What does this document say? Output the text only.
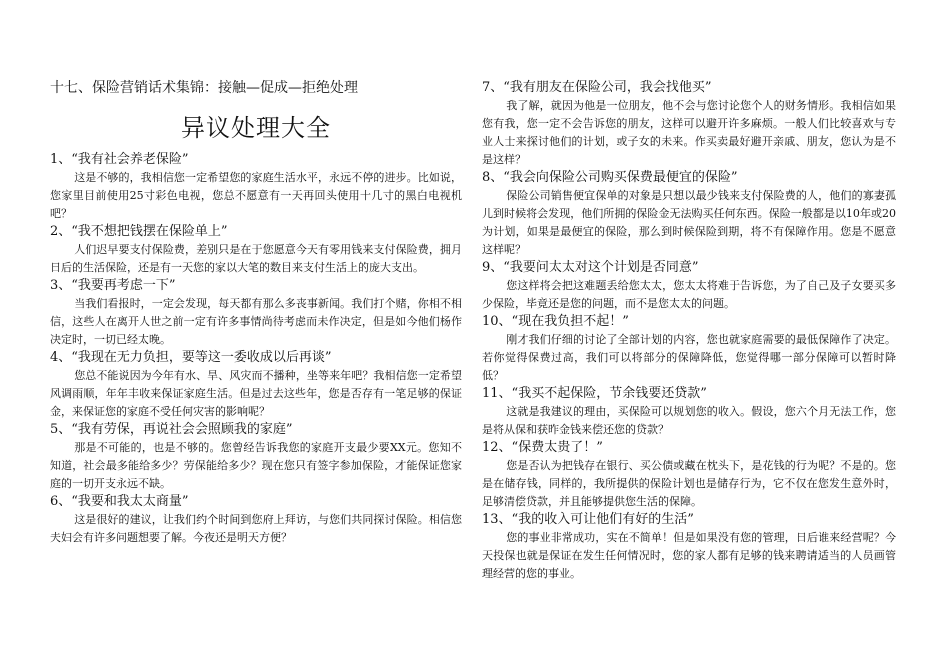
十七、保险营销话术集锦：接触—促成—拒绝处理
异议处理大全
1、“我有社会养老保险”
这是不够的，我相信您一定希望您的家庭生活水平，永远不停的进步。比如说，您家里目前使用25寸彩色电视，您总不愿意有一天再回头使用十几寸的黑白电视机吧？
2、“我不想把钱摆在保险单上”
人们迟早要支付保险费，差别只是在于您愿意今天有零用钱来支付保险费，拥月日后的生活保险，还是有一天您的家以大笔的数目来支付生活上的庞大支出。
3、“我要再考虑一下”
当我们看报时，一定会发现，每天都有那么多丧事新闻。我们打个赌，你相不相信，这些人在离开人世之前一定有许多事情尚待考虑而未作决定，但是如今他们杨作决定时，一切已经太晚。
4、“我现在无力负担，要等这一委收成以后再谈”
您总不能说因为今年有水、旱、风灾而不播种，坐等来年吧？我相信您一定希望风调雨顺，年年丰收来保证家庭生活。但是过去这些年，您是否存有一笔足够的保证金，来保证您的家庭不受任何灾害的影响呢？
5、“我有劳保，再说社会会照顾我的家庭”
那是不可能的，也是不够的。您曾经告诉我您的家庭开支最少要XX元。您知不知道，社会最多能给多少？劳保能给多少？现在您只有签字参加保险，才能保证您家庭的一切开支永远不缺。
6、“我要和我太太商量”
这是很好的建议，让我们约个时间到您府上拜访，与您们共同探讨保险。相信您夫妇会有许多问题想要了解。今夜还是明天方便？
7、“我有朋友在保险公司，我会找他买”
我了解，就因为他是一位朋友，他不会与您讨论您个人的财务情形。我相信如果您有我，您一定不会告诉您的朋友，这样可以避开许多麻烦。一般人们比较喜欢与专业人士来探讨他们的计划，或子女的未来。作买卖最好避开亲戚、朋友，您认为是不是这样？
8、“我会向保险公司购买保费最便宜的保险”
保险公司销售便宜保单的对象是只想以最少钱来支付保险费的人，他们的寡妻孤儿到时候将会发现，他们所拥的保险金无法购买任何东西。保险一般都是以10年或20为计划，如果是最便宜的保险，那么到时候保险到期，将不有保障作用。您是不愿意这样呢？
9、“我要问太太对这个计划是否同意”
您这样将会把这难题丢给您太太，您太太将难于告诉您，为了自己及子女要买多少保险，毕竟还是您的问题，而不是您太太的问题。
10、“现在我负担不起！”
刚才我们仔细的讨论了全部计划的内容，您也就家庭需要的最低保障作了决定。若你觉得保费过高，我们可以将部分的保障降低，您觉得哪一部分保障可以暂时降低？
11、“我买不起保险，节余钱要还贷款”
这就是我建议的理由，买保险可以规划您的收入。假设，您六个月无法工作，您是将从保和获昨金钱来偿还您的贷款？
12、“保费太贵了！”
您是否认为把钱存在银行、买公债或藏在枕头下，是花钱的行为呢？不是的。您是在储存钱，同样的，我所提供的保险计划也是储存行为，它不仅在您发生意外时，足够清偿贷款，并且能够提供您生活的保障。
13、“我的收入可让他们有好的生活”
您的事业非常成功，实在不简单！但是如果没有您的管理，日后谁来经营呢？今天投保也就是保证在发生任何情况时，您的家人都有足够的钱来聘请适当的人员画管理经营的您的事业。
